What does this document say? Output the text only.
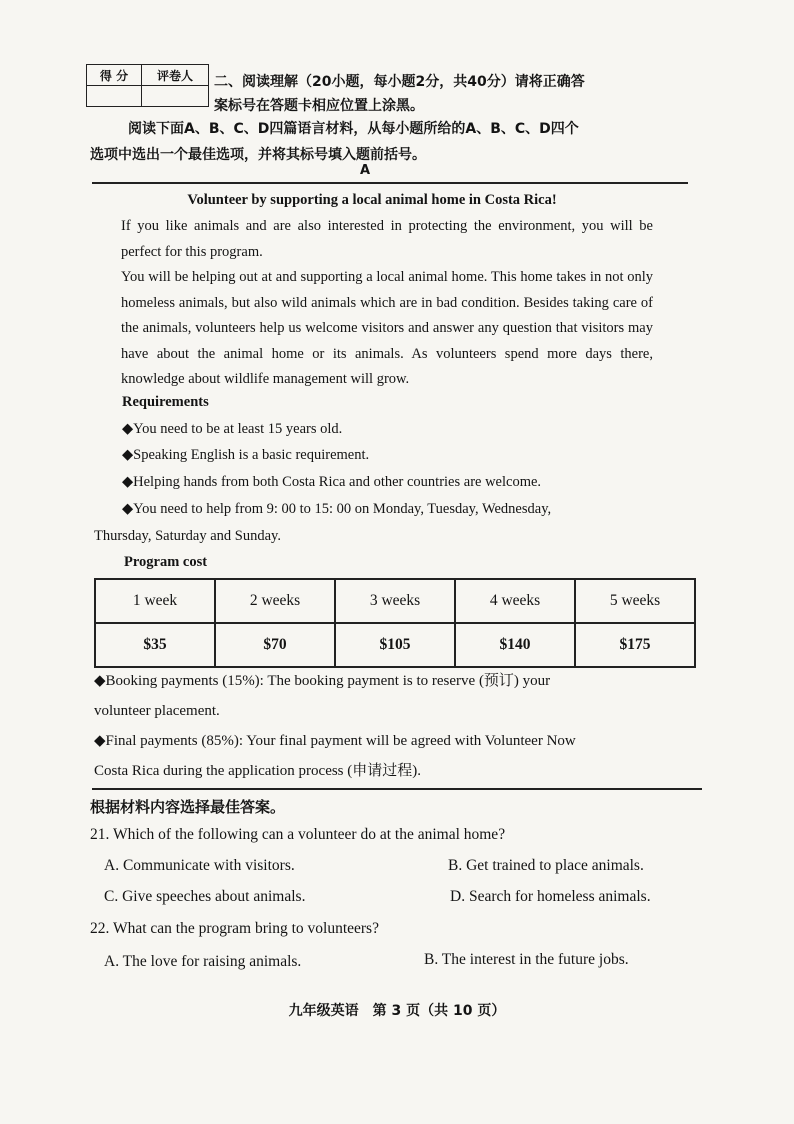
得 分	评卷人
	二、阅读理解（20小题，每小题2分，共40分）请将正确答
案标号在答题卡相应位置上涂黑。
阅读下面A、B、C、D四篇语言材料，从每小题所给的A、B、C、D四个
选项中选出一个最佳选项，并将其标号填入题前括号。
A
Volunteer by supporting a local animal home in Costa Rica!
If you like animals and are also interested in protecting the environment, you will be perfect for this program.
You will be helping out at and supporting a local animal home. This home takes in not only homeless animals, but also wild animals which are in bad condition. Besides taking care of the animals, volunteers help us welcome visitors and answer any question that visitors may have about the animal home or its animals. As volunteers spend more days there, knowledge about wildlife management will grow.
Requirements
◆You need to be at least 15 years old.
◆Speaking English is a basic requirement.
◆Helping hands from both Costa Rica and other countries are welcome.
◆You need to help from 9: 00 to 15: 00 on Monday, Tuesday, Wednesday,
Thursday, Saturday and Sunday.
Program cost
1 week	2 weeks	3 weeks	4 weeks	5 weeks
$35	$70	$105	$140	$175
◆Booking payments (15%): The booking payment is to reserve (预订) your
volunteer placement.
◆Final payments (85%): Your final payment will be agreed with Volunteer Now
Costa Rica during the application process (申请过程).
根据材料内容选择最佳答案。
21. Which of the following can a volunteer do at the animal home?
A. Communicate with visitors.	B. Get trained to place animals.
C. Give speeches about animals.	D. Search for homeless animals.
22. What can the program bring to volunteers?
A. The love for raising animals.	B. The interest in the future jobs.
九年级英语　第 3 页（共 10 页）
